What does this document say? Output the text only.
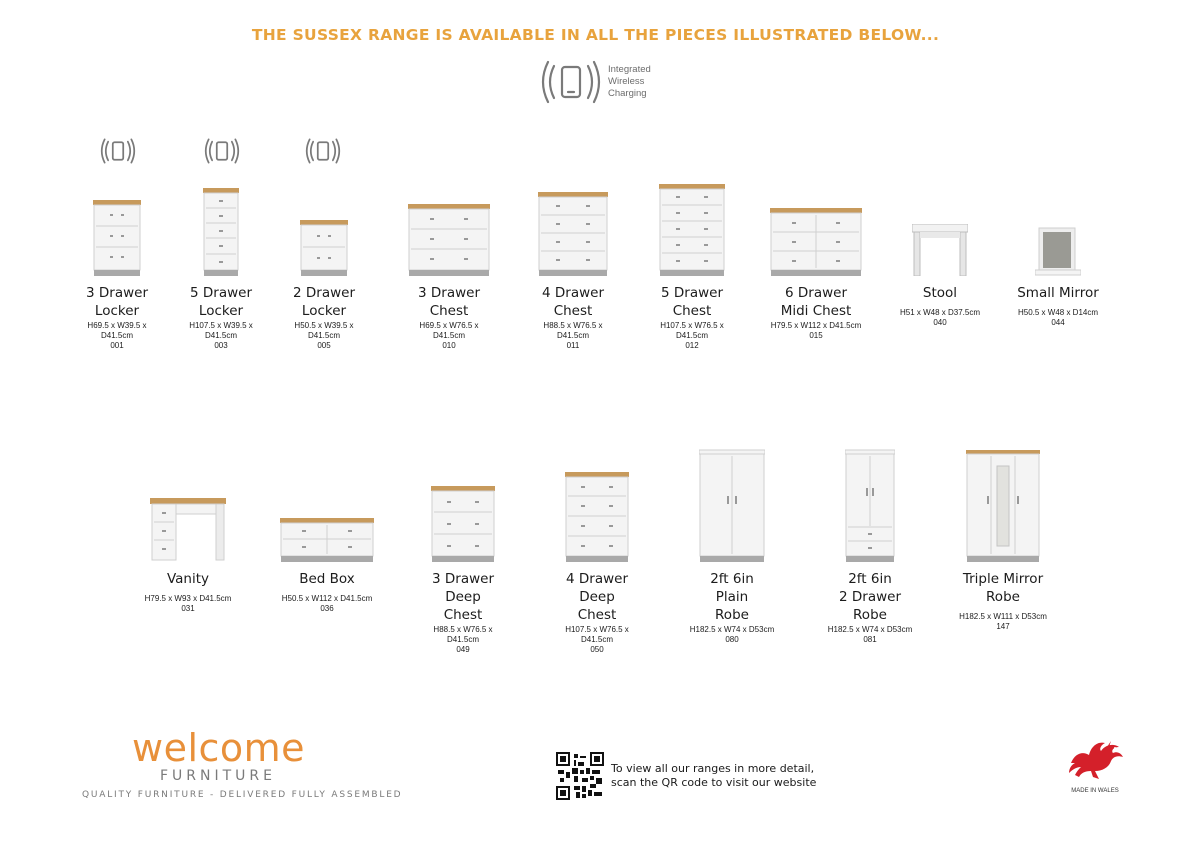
THE SUSSEX RANGE IS AVAILABLE IN ALL THE PIECES ILLUSTRATED BELOW...
Integrated
Wireless
Charging
3 Drawer
Locker
H69.5 x W39.5 x D41.5cm
001
5 Drawer
Locker
H107.5 x W39.5 x D41.5cm
003
2 Drawer
Locker
H50.5 x W39.5 x D41.5cm
005
3 Drawer
Chest
H69.5 x W76.5 x D41.5cm
010
4 Drawer
Chest
H88.5 x W76.5 x D41.5cm
011
5 Drawer
Chest
H107.5 x W76.5 x D41.5cm
012
6 Drawer
Midi Chest
H79.5 x W112 x D41.5cm
015
Stool
H51 x W48 x D37.5cm
040
Small Mirror
H50.5 x W48 x D14cm
044
Vanity
H79.5 x W93 x D41.5cm
031
Bed Box
H50.5 x W112 x D41.5cm
036
3 Drawer
Deep
Chest
H88.5 x W76.5 x D41.5cm
049
4 Drawer
Deep
Chest
H107.5 x W76.5 x D41.5cm
050
2ft 6in
Plain
Robe
H182.5 x W74 x D53cm
080
2ft 6in
2 Drawer
Robe
H182.5 x W74 x D53cm
081
Triple Mirror
Robe
H182.5 x W111 x D53cm
147
welcome
FURNITURE
QUALITY FURNITURE - DELIVERED FULLY ASSEMBLED
To view all our ranges in more detail,
scan the QR code to visit our website
MADE IN WALES
